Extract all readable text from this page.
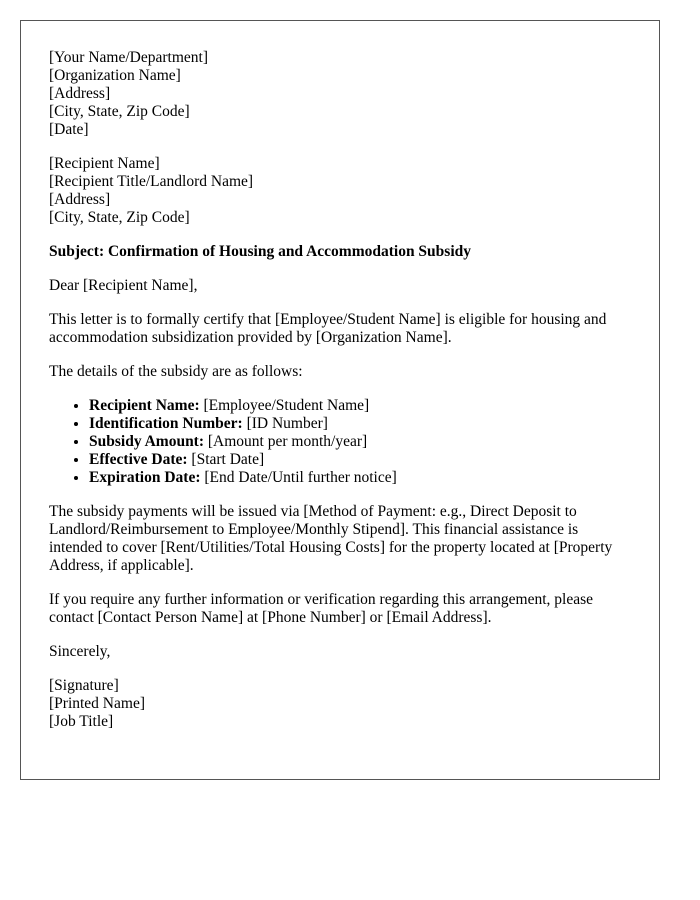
[Your Name/Department]
[Organization Name]
[Address]
[City, State, Zip Code]
[Date]
[Recipient Name]
[Recipient Title/Landlord Name]
[Address]
[City, State, Zip Code]

Subject: Confirmation of Housing and Accommodation Subsidy

Dear [Recipient Name],

This letter is to formally certify that [Employee/Student Name] is eligible for housing and accommodation subsidization provided by [Organization Name].

The details of the subsidy are as follows:

• Recipient Name: [Employee/Student Name]
• Identification Number: [ID Number]
• Subsidy Amount: [Amount per month/year]
• Effective Date: [Start Date]
• Expiration Date: [End Date/Until further notice]

The subsidy payments will be issued via [Method of Payment: e.g., Direct Deposit to Landlord/Reimbursement to Employee/Monthly Stipend]. This financial assistance is intended to cover [Rent/Utilities/Total Housing Costs] for the property located at [Property Address, if applicable].

If you require any further information or verification regarding this arrangement, please contact [Contact Person Name] at [Phone Number] or [Email Address].

Sincerely,

[Signature]
[Printed Name]
[Job Title]
